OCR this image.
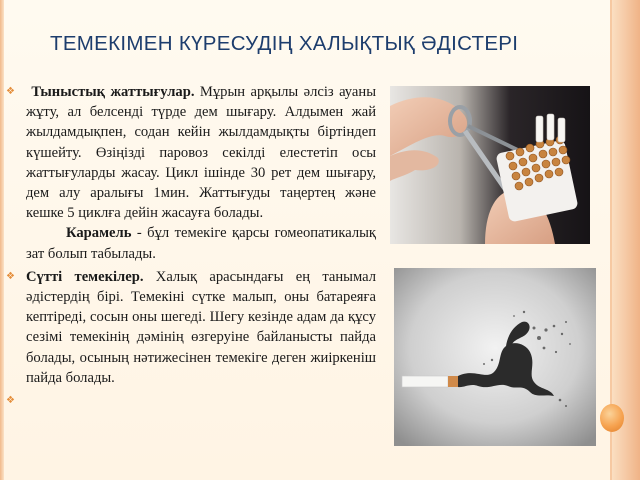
ТЕМЕКІМЕН КҮРЕСУДІҢ ХАЛЫҚТЫҚ ӘДІСТЕРІ
❖	Тыныстық жаттығулар. Мұрын арқылы әлсіз ауаны жұту, ал белсенді түрде дем шығару. Алдымен жай жылдамдықпен, содан кейін жылдамдықты біртіндеп күшейту. Өзіңізді паровоз секілді елестетіп осы жаттығуларды жасау. Цикл ішінде 30 рет дем шығару, дем алу аралығы 1мин. Жаттығуды таңертең және кешке 5 циклға дейін жасауға болады.

Карамель - бұл темекіге қарсы гомеопатикалық зат болып табылады.

❖ Сүтті темекілер. Халық арасындағы ең танымал әдістердің бірі. Темекіні сүтке малып, оны батареяға кептіреді, сосын оны шегеді. Шегу кезінде адам да құсу сезімі темекінің дәмінің өзгеруіне байланысты пайда болады, осының нәтижесінен темекіге деген жиіркеніш пайда болады.

❖
